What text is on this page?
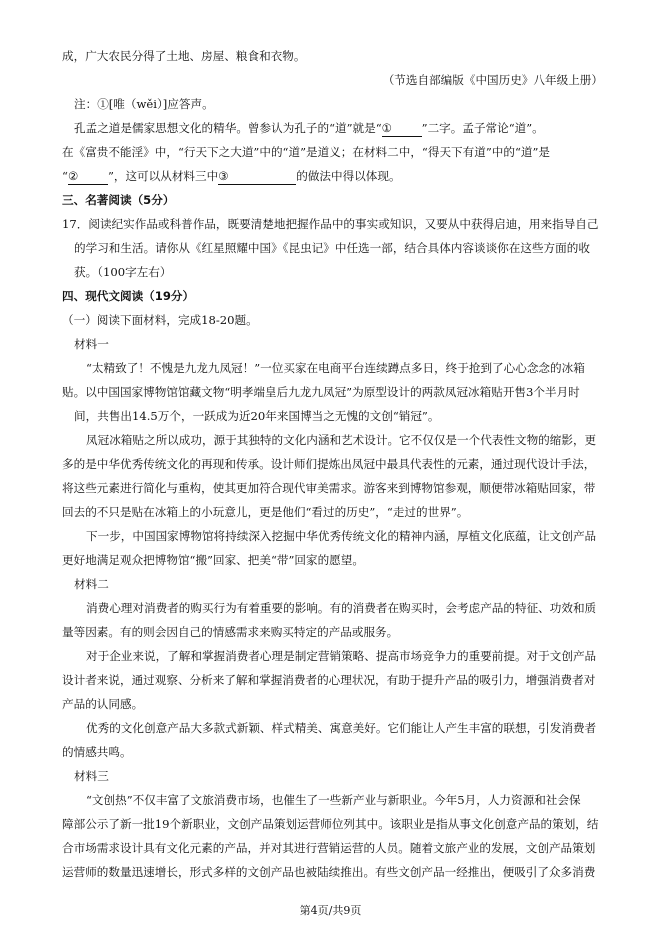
成，广大农民分得了土地、房屋、粮食和衣物。
（节选自部编版《中国历史》八年级上册）
注：①[唯（wěi）]应答声。
孔孟之道是儒家思想文化的精华。曾参认为孔子的“道”就是“①	”二字。孟子常论“道”。
在《富贵不能淫》中，“行天下之大道”中的“道”是道义；在材料二中，“得天下有道”中的“道”是
“②	”，这可以从材料三中③	的做法中得以体现。
三、名著阅读（5分）
17．阅读纪实作品或科普作品，既要清楚地把握作品中的事实或知识，又要从中获得启迪，用来指导自己
的学习和生活。请你从《红星照耀中国》《昆虫记》中任选一部，结合具体内容谈谈你在这些方面的收
获。（100字左右）
四、现代文阅读（19分）
（一）阅读下面材料，完成18-20题。
材料一
“太精致了！不愧是九龙九凤冠！”一位买家在电商平台连续蹲点多日，终于抢到了心心念念的冰箱
贴。以中国国家博物馆馆藏文物“明孝端皇后九龙九凤冠”为原型设计的两款凤冠冰箱贴开售3个半月时
间，共售出14.5万个，一跃成为近20年来国博当之无愧的文创“销冠”。
凤冠冰箱贴之所以成功，源于其独特的文化内涵和艺术设计。它不仅仅是一个代表性文物的缩影，更
多的是中华优秀传统文化的再现和传承。设计师们提炼出凤冠中最具代表性的元素，通过现代设计手法，
将这些元素进行简化与重构，使其更加符合现代审美需求。游客来到博物馆参观，顺便带冰箱贴回家，带
回去的不只是贴在冰箱上的小玩意儿，更是他们“看过的历史”，“走过的世界”。
下一步，中国国家博物馆将持续深入挖掘中华优秀传统文化的精神内涵，厚植文化底蕴，让文创产品
更好地满足观众把博物馆“搬”回家、把美“带”回家的愿望。
材料二
消费心理对消费者的购买行为有着重要的影响。有的消费者在购买时，会考虑产品的特征、功效和质
量等因素。有的则会因自己的情感需求来购买特定的产品或服务。
对于企业来说，了解和掌握消费者心理是制定营销策略、提高市场竞争力的重要前提。对于文创产品
设计者来说，通过观察、分析来了解和掌握消费者的心理状况，有助于提升产品的吸引力，增强消费者对
产品的认同感。
优秀的文化创意产品大多款式新颖、样式精美、寓意美好。它们能让人产生丰富的联想，引发消费者
的情感共鸣。
材料三
“文创热”不仅丰富了文旅消费市场，也催生了一些新产业与新职业。今年5月，人力资源和社会保
障部公示了新一批19个新职业，文创产品策划运营师位列其中。该职业是指从事文化创意产品的策划，结
合市场需求设计具有文化元素的产品，并对其进行营销运营的人员。随着文旅产业的发展，文创产品策划
运营师的数量迅速增长，形式多样的文创产品也被陆续推出。有些文创产品一经推出，便吸引了众多消费
第4页/共9页
